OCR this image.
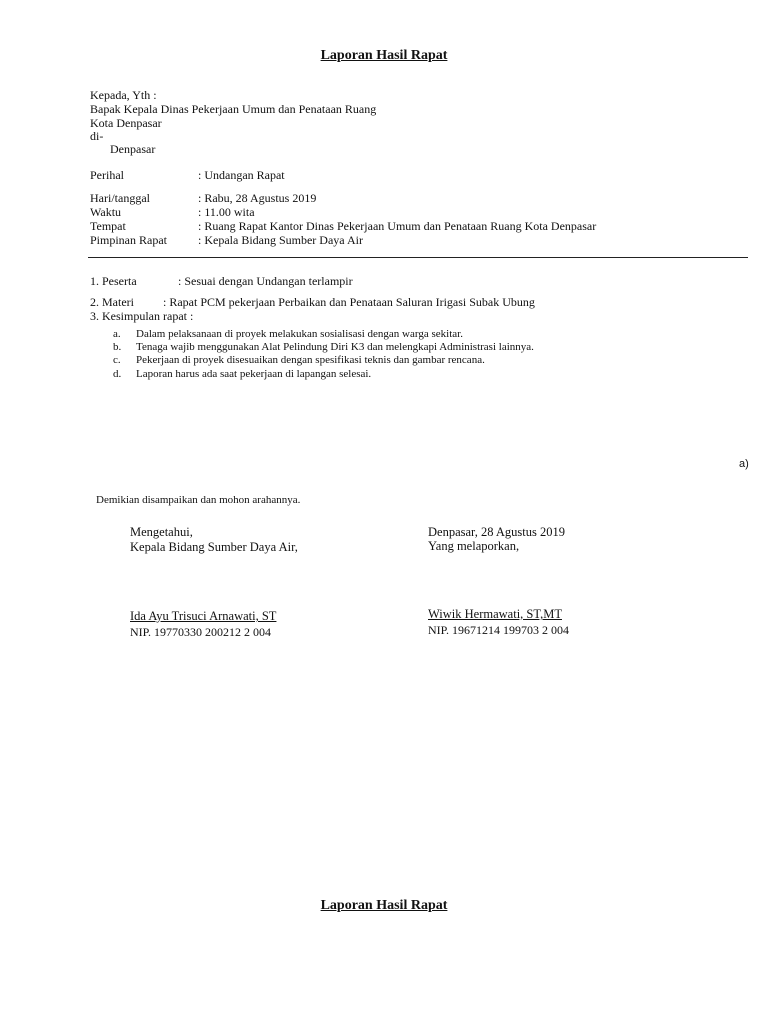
Laporan Hasil Rapat
Kepada, Yth :
Bapak Kepala Dinas Pekerjaan Umum dan Penataan Ruang
Kota Denpasar
di-
Denpasar
Perihal	: Undangan Rapat
Hari/tanggal	: Rabu, 28 Agustus 2019
Waktu	: 11.00 wita
Tempat	: Ruang Rapat Kantor Dinas Pekerjaan Umum dan Penataan Ruang Kota Denpasar
Pimpinan Rapat	: Kepala Bidang Sumber Daya Air
1. Peserta	: Sesuai dengan Undangan terlampir
2. Materi : Rapat PCM pekerjaan Perbaikan dan Penataan Saluran Irigasi Subak Ubung
3. Kesimpulan rapat :
a. Dalam pelaksanaan di proyek melakukan sosialisasi dengan warga sekitar.
b. Tenaga wajib menggunakan Alat Pelindung Diri K3 dan melengkapi Administrasi lainnya.
c. Pekerjaan di proyek disesuaikan dengan spesifikasi teknis dan gambar rencana.
d. Laporan harus ada saat pekerjaan di lapangan selesai.
a)
Demikian disampaikan dan mohon arahannya.
Mengetahui,
Kepala Bidang Sumber Daya Air,
Ida Ayu Trisuci Arnawati, ST
NIP. 19770330 200212 2 004
Denpasar, 28 Agustus 2019
Yang melaporkan,
Wiwik Hermawati, ST,MT
NIP. 19671214 199703 2 004
Laporan Hasil Rapat
